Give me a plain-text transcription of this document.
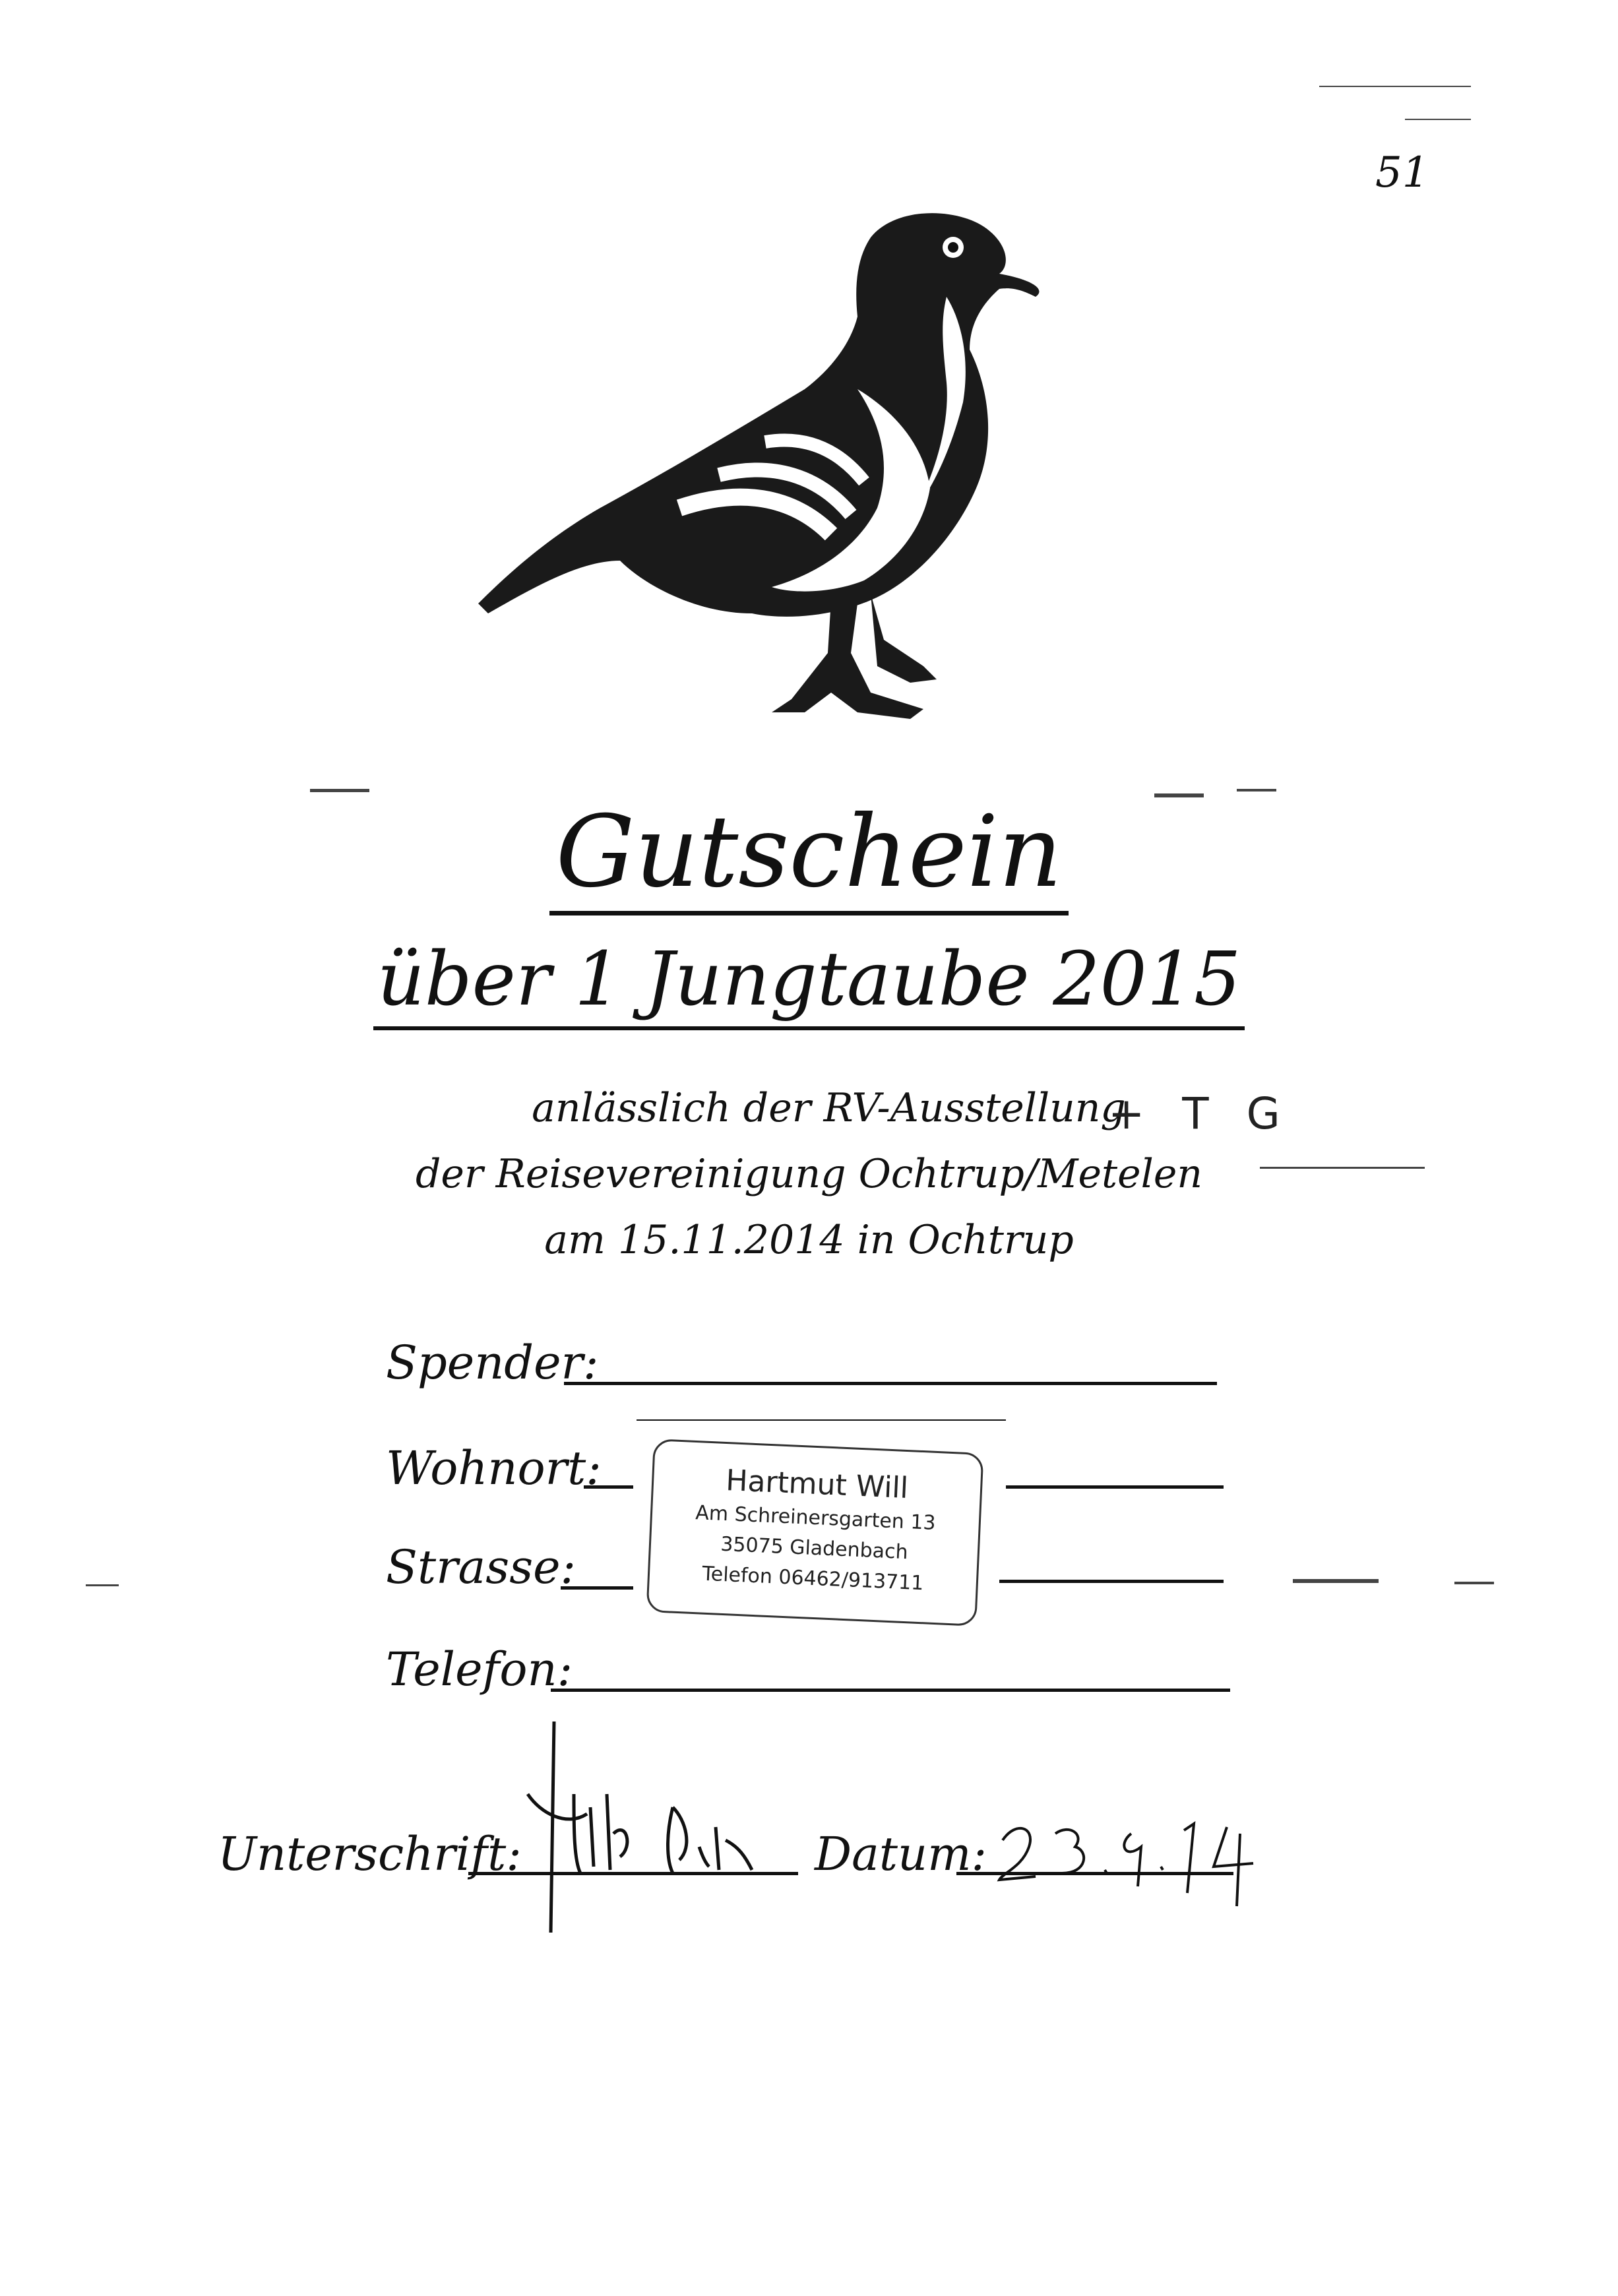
51
Gutschein
über 1 Jungtaube 2015
anlässlich der RV-Ausstellung
+ T G
der Reisevereinigung Ochtrup/Metelen
am 15.11.2014 in Ochtrup
Spender:
Wohnort:
Strasse:
Hartmut Will
Am Schreinersgarten 13
35075 Gladenbach
Telefon 06462/913711
Telefon:
Unterschrift:	Datum:
